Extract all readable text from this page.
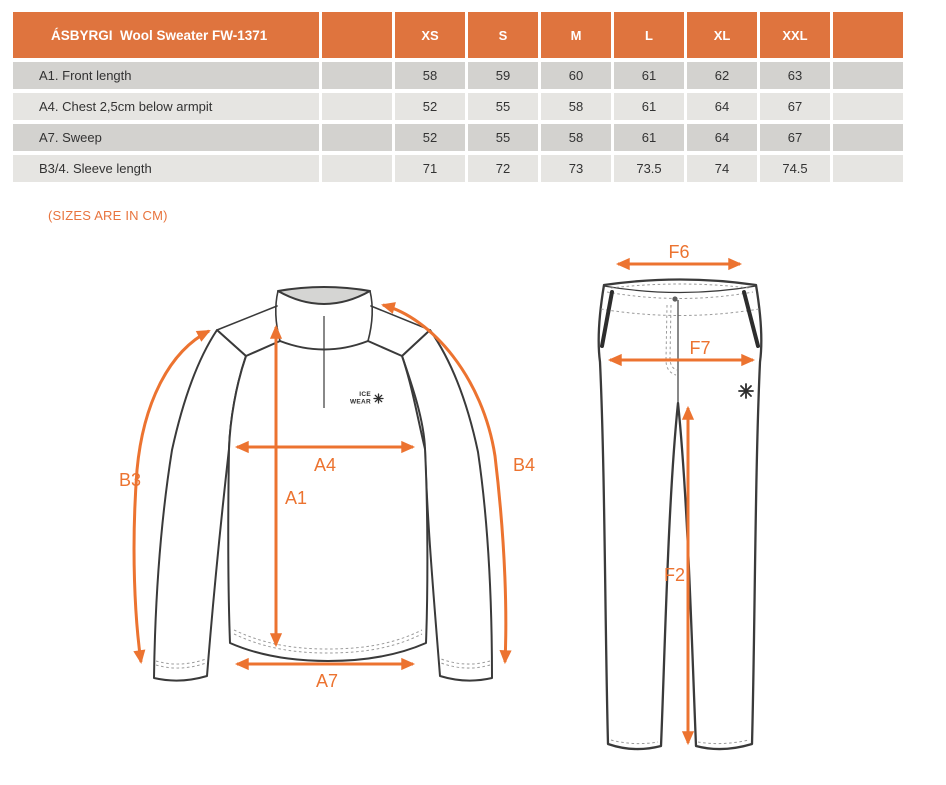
ÁSBYRGI  Wool Sweater FW-1371		XS	S	M	L	XL	XXL	
A1. Front length		58	59	60	61	62	63	
A4. Chest 2,5cm below armpit		52	55	58	61	64	67	
A7. Sweep		52	55	58	61	64	67	
B3/4. Sleeve length		71	72	73	73.5	74	74.5	
(SIZES ARE IN CM)
ICE
WEAR
B3
A4
A1
B4
A7
F6
F7
F2
